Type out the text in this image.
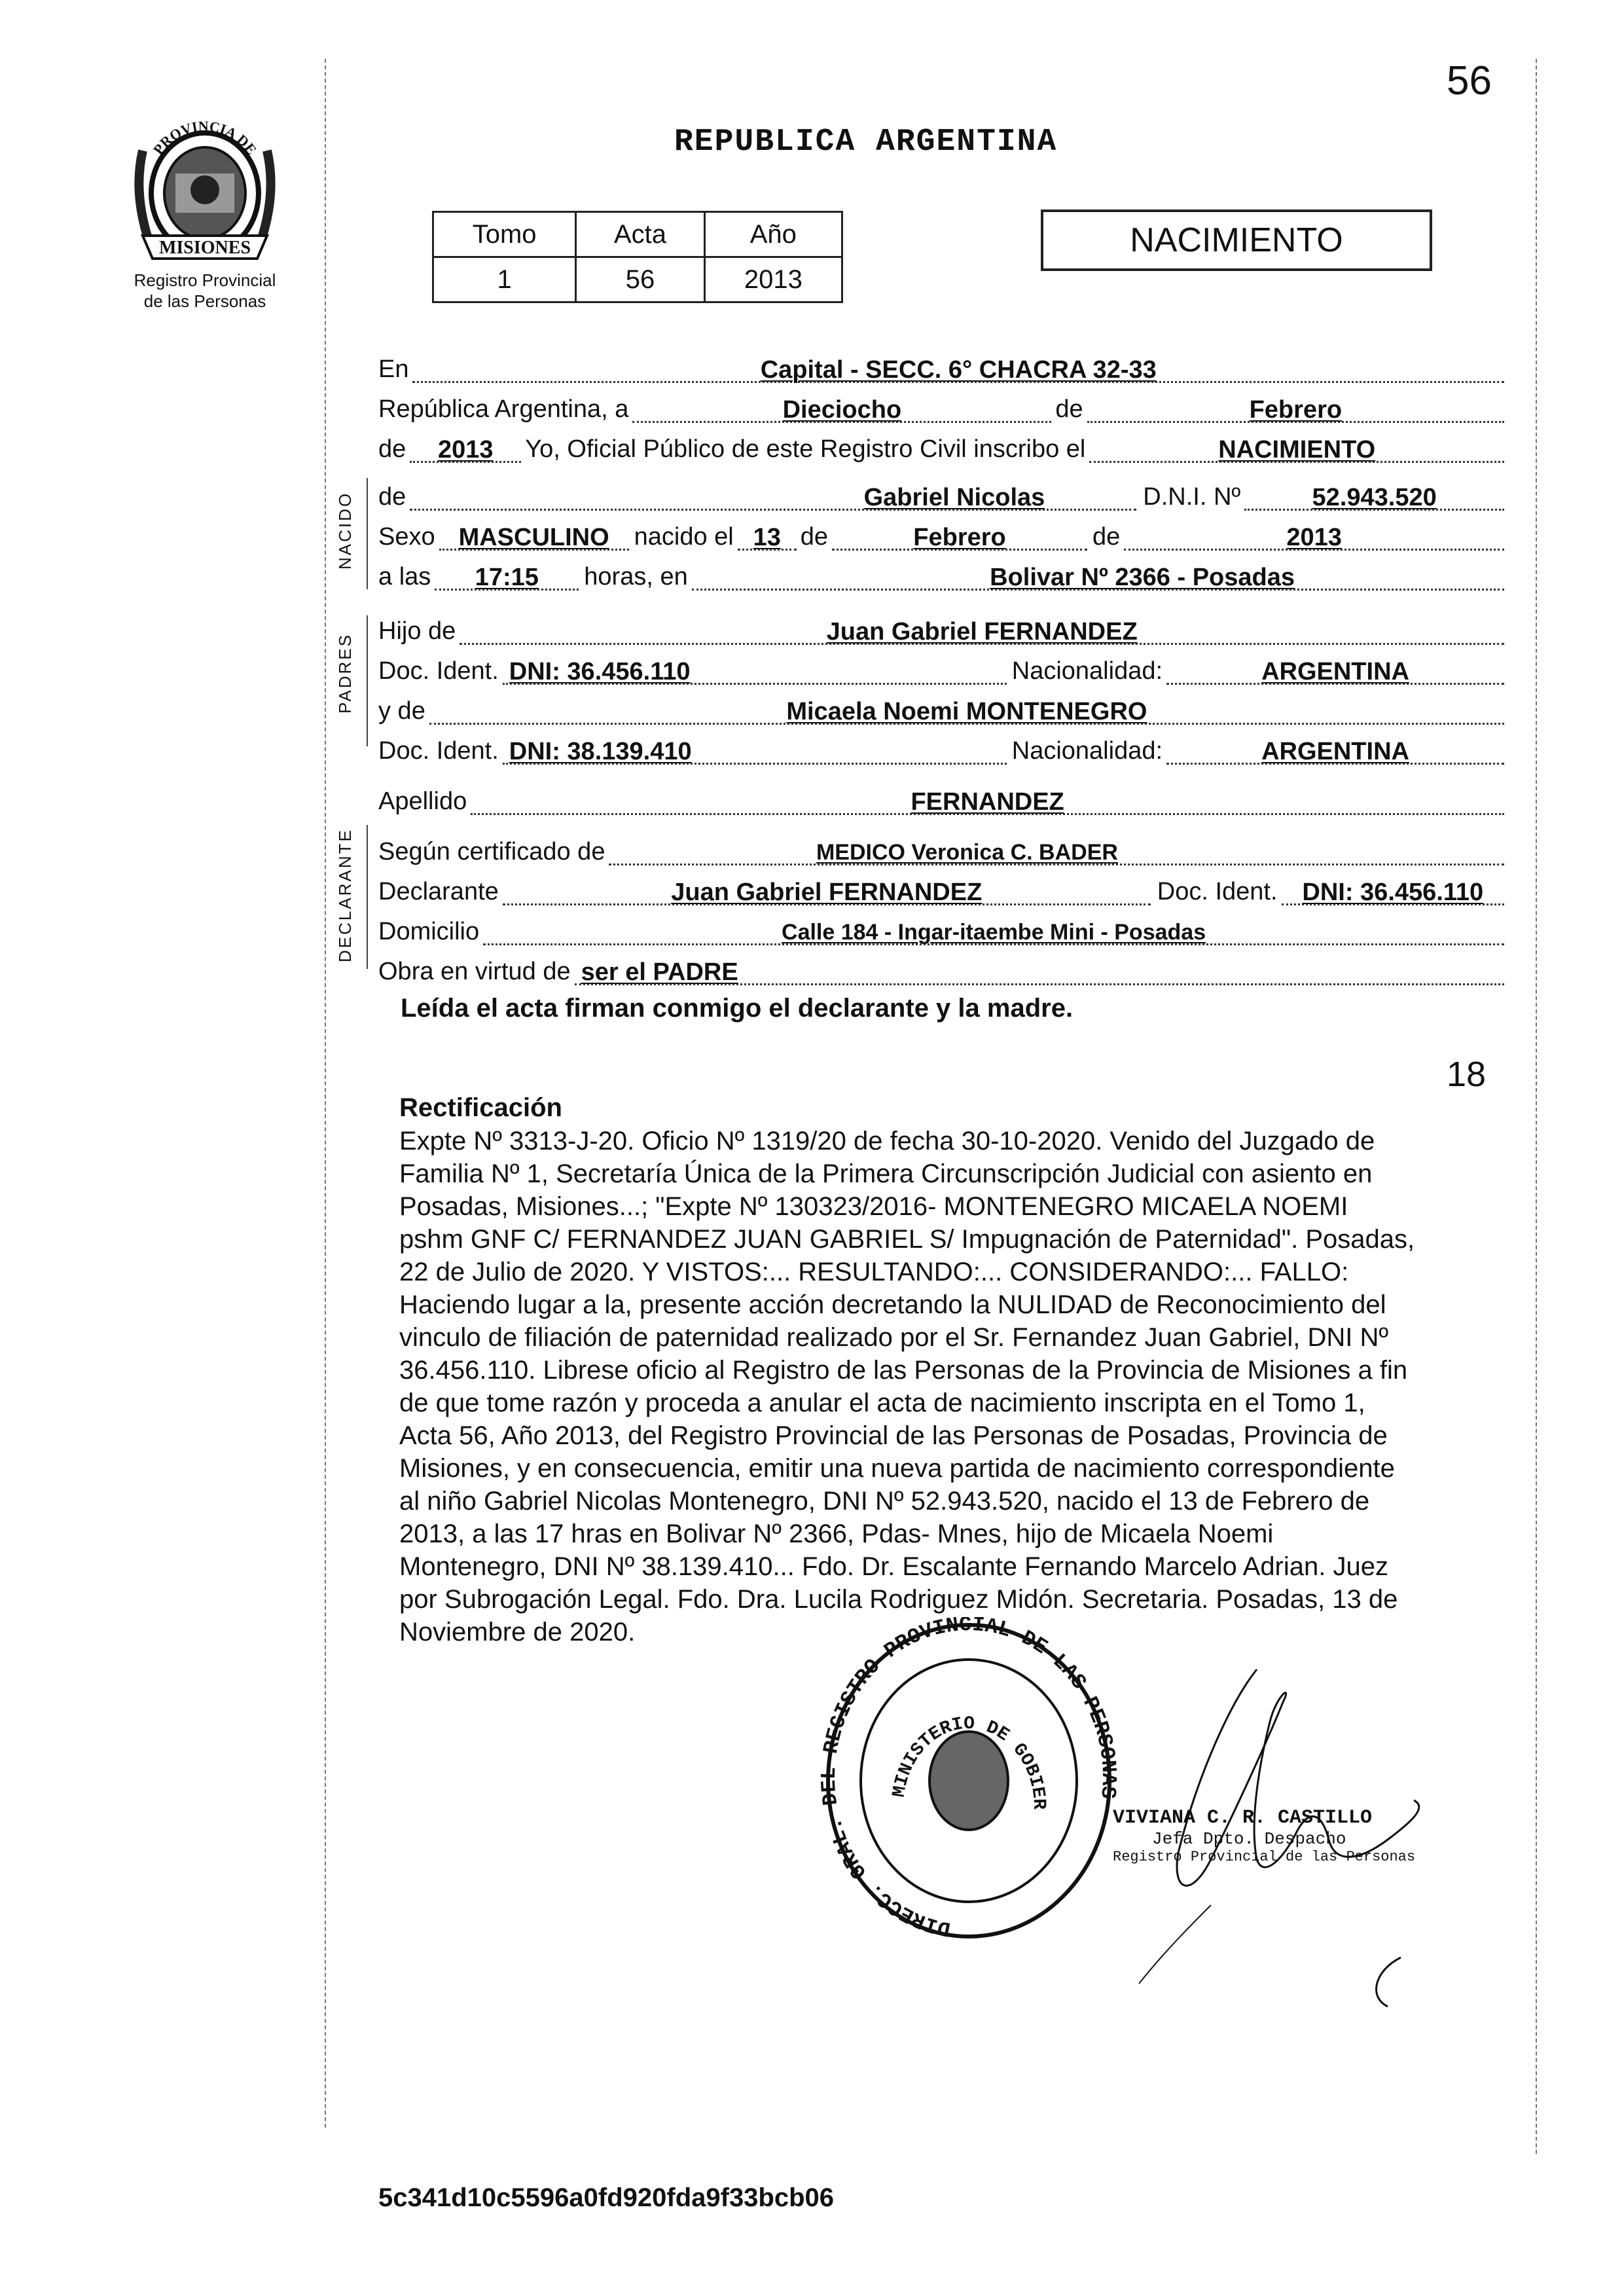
56
PROVINCIA DE
MISIONES
Registro Provincial
de las Personas
REPUBLICA ARGENTINA
Tomo	Acta	Año
1	56	2013
NACIMIENTO
NACIDO
PADRES
DECLARANTE
En	Capital - SECC. 6° CHACRA 32-33
República Argentina, a	Dieciocho	de	Febrero
de 2013 Yo, Oficial Público de este Registro Civil inscribo el	NACIMIENTO
de	Gabriel Nicolas	D.N.I. Nº	52.943.520
Sexo MASCULINO nacido el 13 de	Febrero	de	2013
a las 17:15 horas, en	Bolivar Nº 2366 - Posadas
Hijo de	Juan Gabriel FERNANDEZ
Doc. Ident. DNI: 36.456.110	Nacionalidad:	ARGENTINA
y de	Micaela Noemi MONTENEGRO
Doc. Ident. DNI: 38.139.410	Nacionalidad:	ARGENTINA
Apellido	FERNANDEZ
Según certificado de	MEDICO Veronica C. BADER
Declarante	Juan Gabriel FERNANDEZ	Doc. Ident. DNI: 36.456.110
Domicilio	Calle 184 - Ingar-itaembe Mini - Posadas
Obra en virtud de ser el PADRE
Leída el acta firman conmigo el declarante y la madre.
18
Rectificación
Expte Nº 3313-J-20. Oficio Nº 1319/20 de fecha 30-10-2020. Venido del Juzgado de
Familia Nº 1, Secretaría Única de la Primera Circunscripción Judicial con asiento en
Posadas, Misiones...; "Expte Nº 130323/2016- MONTENEGRO MICAELA NOEMI
pshm GNF C/ FERNANDEZ JUAN GABRIEL S/ Impugnación de Paternidad". Posadas,
22 de Julio de 2020. Y VISTOS:... RESULTANDO:... CONSIDERANDO:... FALLO:
Haciendo lugar a la, presente acción decretando la NULIDAD de Reconocimiento del
vinculo de filiación de paternidad realizado por el Sr. Fernandez Juan Gabriel, DNI Nº
36.456.110. Librese oficio al Registro de las Personas de la Provincia de Misiones a fin
de que tome razón y proceda a anular el acta de nacimiento inscripta en el Tomo 1,
Acta 56, Año 2013, del Registro Provincial de las Personas de Posadas, Provincia de
Misiones, y en consecuencia, emitir una nueva partida de nacimiento correspondiente
al niño Gabriel Nicolas Montenegro, DNI Nº 52.943.520, nacido el 13 de Febrero de
2013, a las 17 hras en Bolivar Nº 2366, Pdas- Mnes, hijo de Micaela Noemi
Montenegro, DNI Nº 38.139.410... Fdo. Dr. Escalante Fernando Marcelo Adrian. Juez
por Subrogación Legal. Fdo. Dra. Lucila Rodriguez Midón. Secretaria. Posadas, 13 de
Noviembre de 2020.
DIRECC. GRAL. DEL REGISTRO PROVINCIAL DE LAS PERSONAS
MINISTERIO DE GOBIER
VIVIANA C. R. CASTILLO
Jefa Dpto. Despacho
Registro Provincial de las Personas
5c341d10c5596a0fd920fda9f33bcb06
